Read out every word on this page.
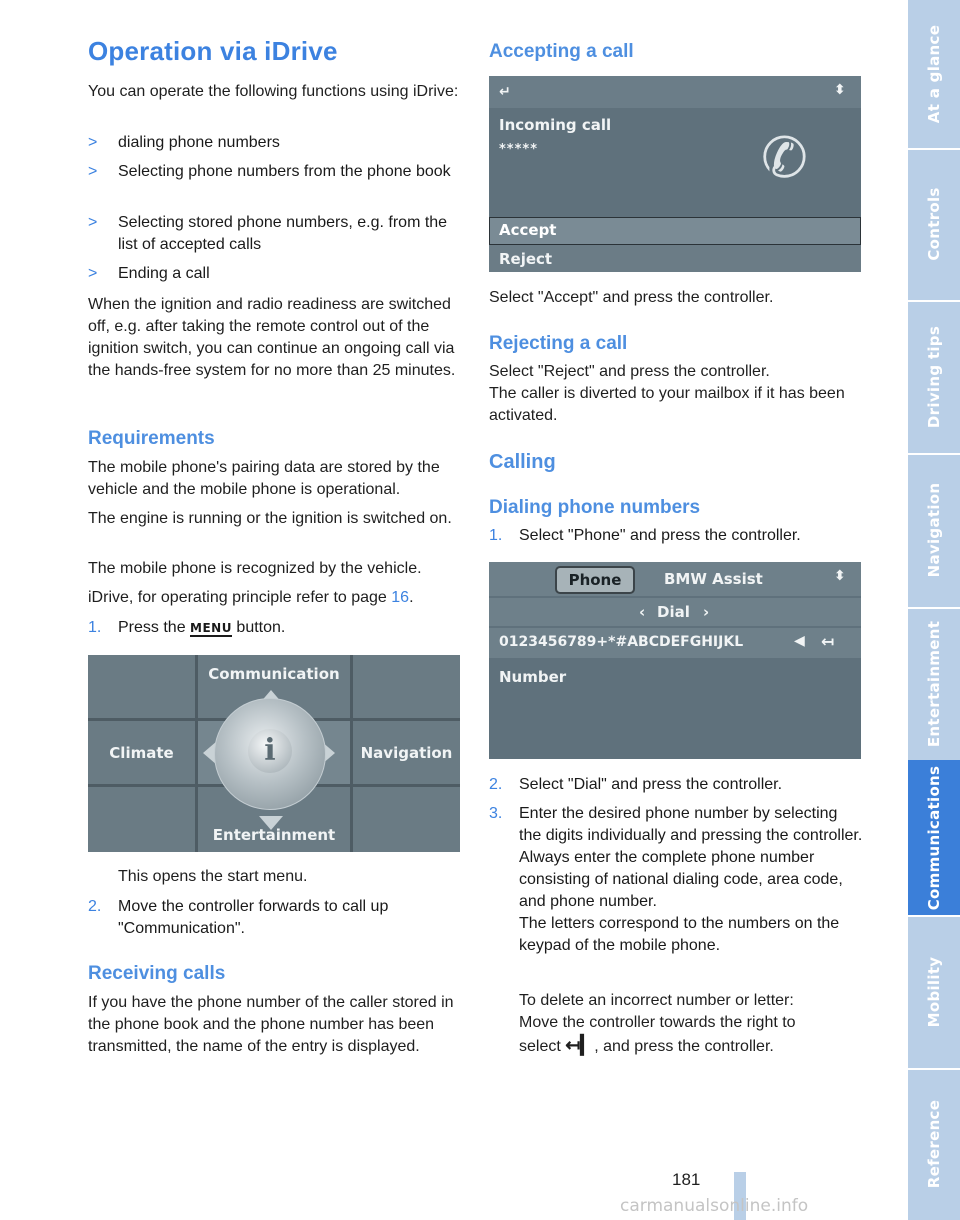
Operation via iDrive

You can operate the following functions using iDrive:

> dialing phone numbers
> Selecting phone numbers from the phone book
> Selecting stored phone numbers, e.g. from the list of accepted calls
> Ending a call

When the ignition and radio readiness are switched off, e.g. after taking the remote control out of the ignition switch, you can continue an ongoing call via the hands-free system for no more than 25 minutes.

Requirements

The mobile phone's pairing data are stored by the vehicle and the mobile phone is operational.

The engine is running or the ignition is switched on.

The mobile phone is recognized by the vehicle.

iDrive, for operating principle refer to page 16.

1. Press the MENU button.
Communication
Climate	Navigation
Entertainment
i

This opens the start menu.

2. Move the controller forwards to call up "Communication".
Receiving calls

If you have the phone number of the caller stored in the phone book and the phone number has been transmitted, the name of the entry is displayed.

Accepting a call
↵	⬍
Incoming call
*****	✆
Accept
Reject

Select "Accept" and press the controller.

Rejecting a call

Select "Reject" and press the controller.

The caller is diverted to your mailbox if it has been activated.

Calling
Dialing phone numbers
1. Select "Phone" and press the controller.
Phone	BMW Assist	⬍
‹ Dial ›
0123456789+*#ABCDEFGHIJKL	◀ ↤
Number
2. Select "Dial" and press the controller.
3. Enter the desired phone number by selecting the digits individually and pressing the controller.
Always enter the complete phone number consisting of national dialing code, area code, and phone number.
The letters correspond to the numbers on the keypad of the mobile phone.

To delete an incorrect number or letter:

Move the controller towards the right to

select ↤▎, and press the controller.

At a glance
Controls
Driving tips
Navigation
Entertainment
Communications
Mobility
Reference
181
carmanualsonline.info
